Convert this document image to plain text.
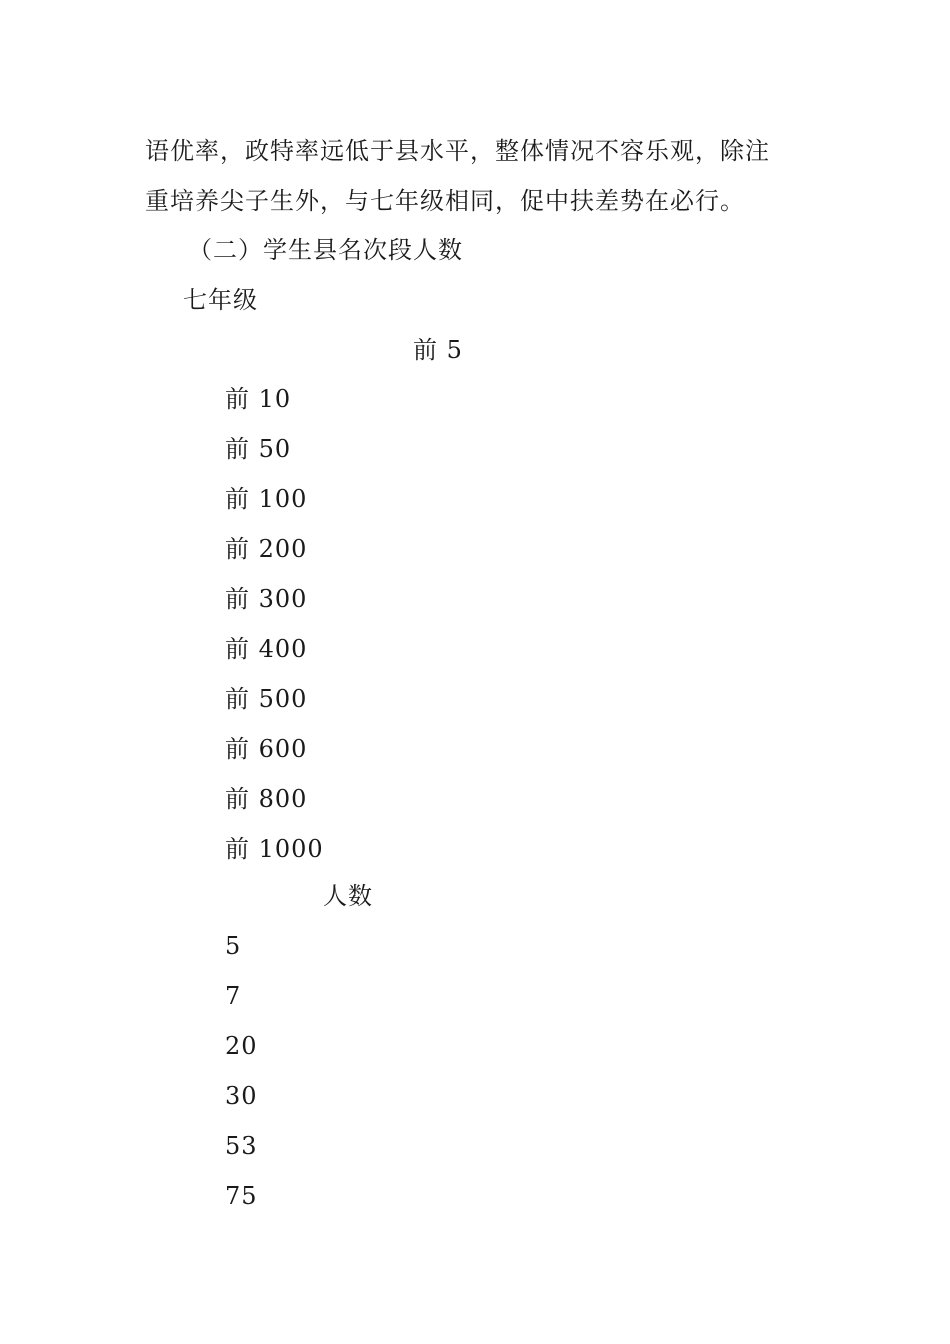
语优率，政特率远低于县水平，整体情况不容乐观，除注
重培养尖子生外，与七年级相同，促中扶差势在必行。
（二）学生县名次段人数
七年级
前 5
前 10
前 50
前 100
前 200
前 300
前 400
前 500
前 600
前 800
前 1000
人数
5
7
20
30
53
75
